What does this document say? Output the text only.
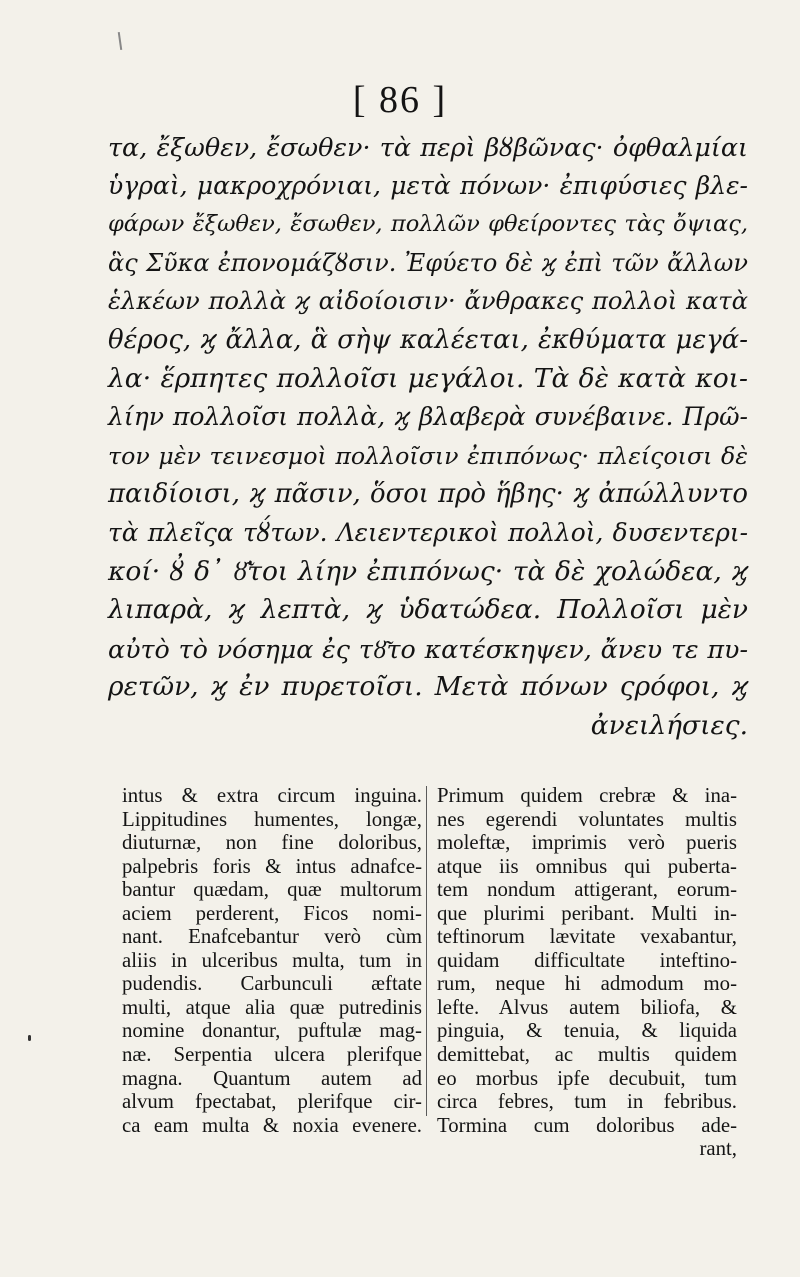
[ 86 ]
τα, ἔξωθεν, ἔσωθεν· τὰ περὶ βȣβῶνας· ὀφθαλμίαι
ὑγραὶ, μακροχρόνιαι, μετὰ πόνων· ἐπιφύσιες βλε-
φάρων ἔξωθεν, ἔσωθεν, πολλῶν φθείροντες τὰς ὄψιας,
ἃς Σῦκα ἐπονομάζȣσιν. Ἐφύετο δὲ ϗ ἐπὶ τῶν ἄλλων
ἑλκέων πολλὰ ϗ αἰδοίοισιν· ἄνθρακες πολλοὶ κατὰ
θέρος, ϗ ἄλλα, ἃ σὴψ καλέεται, ἐκθύματα μεγά-
λα· ἕρπητες πολλοῖσι μεγάλοι. Τὰ δὲ κατὰ κοι-
λίην πολλοῖσι πολλὰ, ϗ βλαβερὰ συνέβαινε. Πρῶ-
τον μὲν τεινεσμοὶ πολλοῖσιν ἐπιπόνως· πλείςοισι δὲ
παιδίοισι, ϗ πᾶσιν, ὅσοι πρὸ ἥβης· ϗ ἀπώλλυντο
τὰ πλεῖςα τȣ́των. Λειεντερικοὶ πολλοὶ, δυσεντερι-
κοί· ȣ̓ δ᾽ ȣ̓͂τοι λίην ἐπιπόνως· τὰ δὲ χολώδεα, ϗ
λιπαρὰ, ϗ λεπτὰ, ϗ ὑδατώδεα. Πολλοῖσι μὲν
αὐτὸ τὸ νόσημα ἐς τȣ͂το κατέσκηψεν, ἄνευ τε πυ-
ρετῶν, ϗ ἐν πυρετοῖσι. Μετὰ πόνων ςρόφοι, ϗ
ἀνειλήσιες.
intus & extra circum inguina.
Lippitudines humentes, longæ,
diuturnæ, non fine doloribus,
palpebris foris & intus adnafce-
bantur quædam, quæ multorum
aciem perderent, Ficos nomi-
nant. Enafcebantur verò cùm
aliis in ulceribus multa, tum in
pudendis. Carbunculi æftate
multi, atque alia quæ putredinis
nomine donantur, puftulæ mag-
næ. Serpentia ulcera plerifque
magna. Quantum autem ad
alvum fpectabat, plerifque cir-
ca eam multa & noxia evenere.
Primum quidem crebræ & ina-
nes egerendi voluntates multis
moleftæ, imprimis verò pueris
atque iis omnibus qui puberta-
tem nondum attigerant, eorum-
que plurimi peribant. Multi in-
teftinorum lævitate vexabantur,
quidam difficultate inteftino-
rum, neque hi admodum mo-
lefte. Alvus autem biliofa, &
pinguia, & tenuia, & liquida
demittebat, ac multis quidem
eo morbus ipfe decubuit, tum
circa febres, tum in febribus.
Tormina cum doloribus ade-
rant,
